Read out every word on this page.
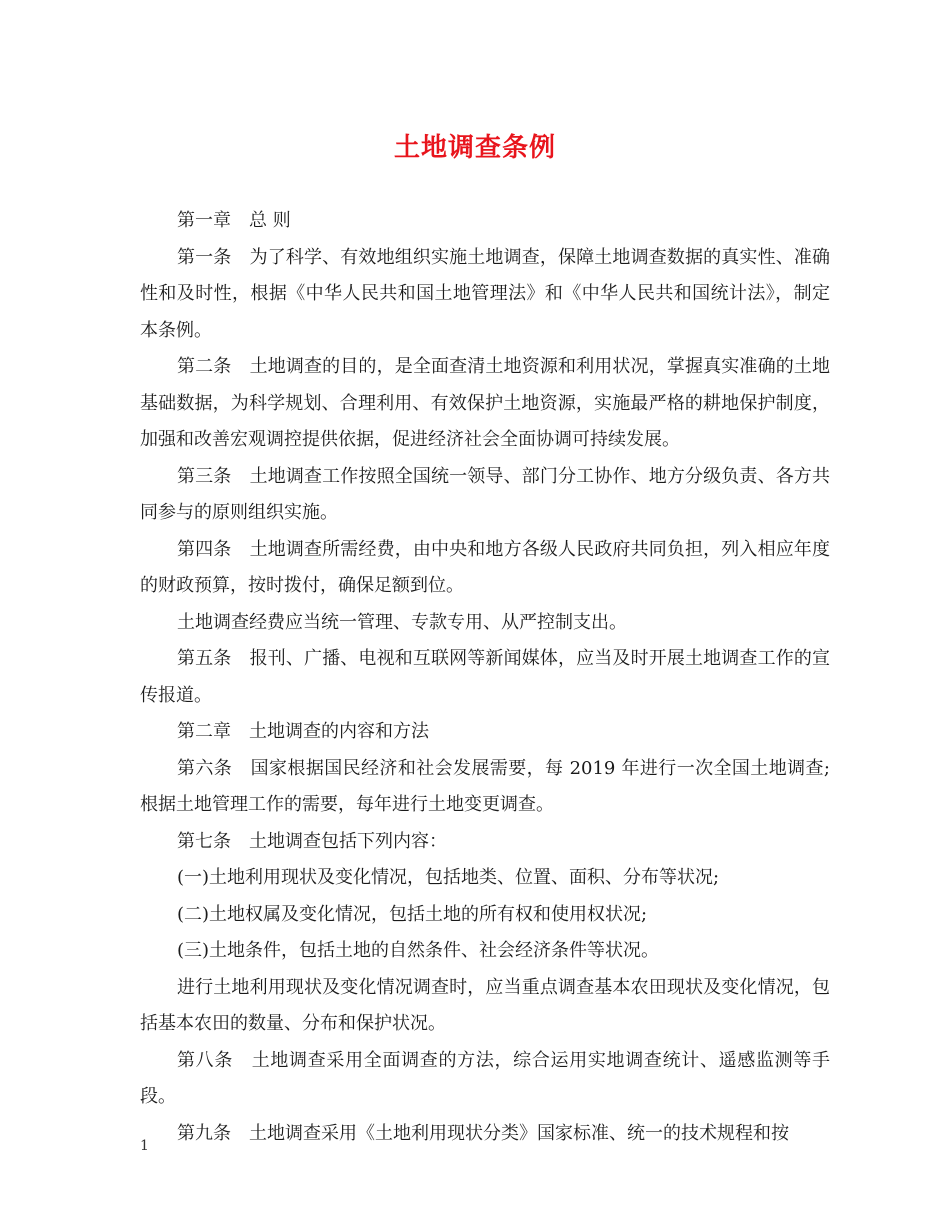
土地调查条例

第一章　总 则

第一条　为了科学、有效地组织实施土地调查，保障土地调查数据的真实性、准确性和及时性，根据《中华人民共和国土地管理法》和《中华人民共和国统计法》，制定本条例。

第二条　土地调查的目的，是全面查清土地资源和利用状况，掌握真实准确的土地基础数据，为科学规划、合理利用、有效保护土地资源，实施最严格的耕地保护制度，加强和改善宏观调控提供依据，促进经济社会全面协调可持续发展。

第三条　土地调查工作按照全国统一领导、部门分工协作、地方分级负责、各方共同参与的原则组织实施。

第四条　土地调查所需经费，由中央和地方各级人民政府共同负担，列入相应年度的财政预算，按时拨付，确保足额到位。

土地调查经费应当统一管理、专款专用、从严控制支出。

第五条　报刊、广播、电视和互联网等新闻媒体，应当及时开展土地调查工作的宣传报道。

第二章　土地调查的内容和方法

第六条　国家根据国民经济和社会发展需要，每 2019 年进行一次全国土地调查;根据土地管理工作的需要，每年进行土地变更调查。

第七条　土地调查包括下列内容：

(一)土地利用现状及变化情况，包括地类、位置、面积、分布等状况;

(二)土地权属及变化情况，包括土地的所有权和使用权状况;

(三)土地条件，包括土地的自然条件、社会经济条件等状况。

进行土地利用现状及变化情况调查时，应当重点调查基本农田现状及变化情况，包括基本农田的数量、分布和保护状况。

第八条　土地调查采用全面调查的方法，综合运用实地调查统计、遥感监测等手段。

第九条　土地调查采用《土地利用现状分类》国家标准、统一的技术规程和按

1
